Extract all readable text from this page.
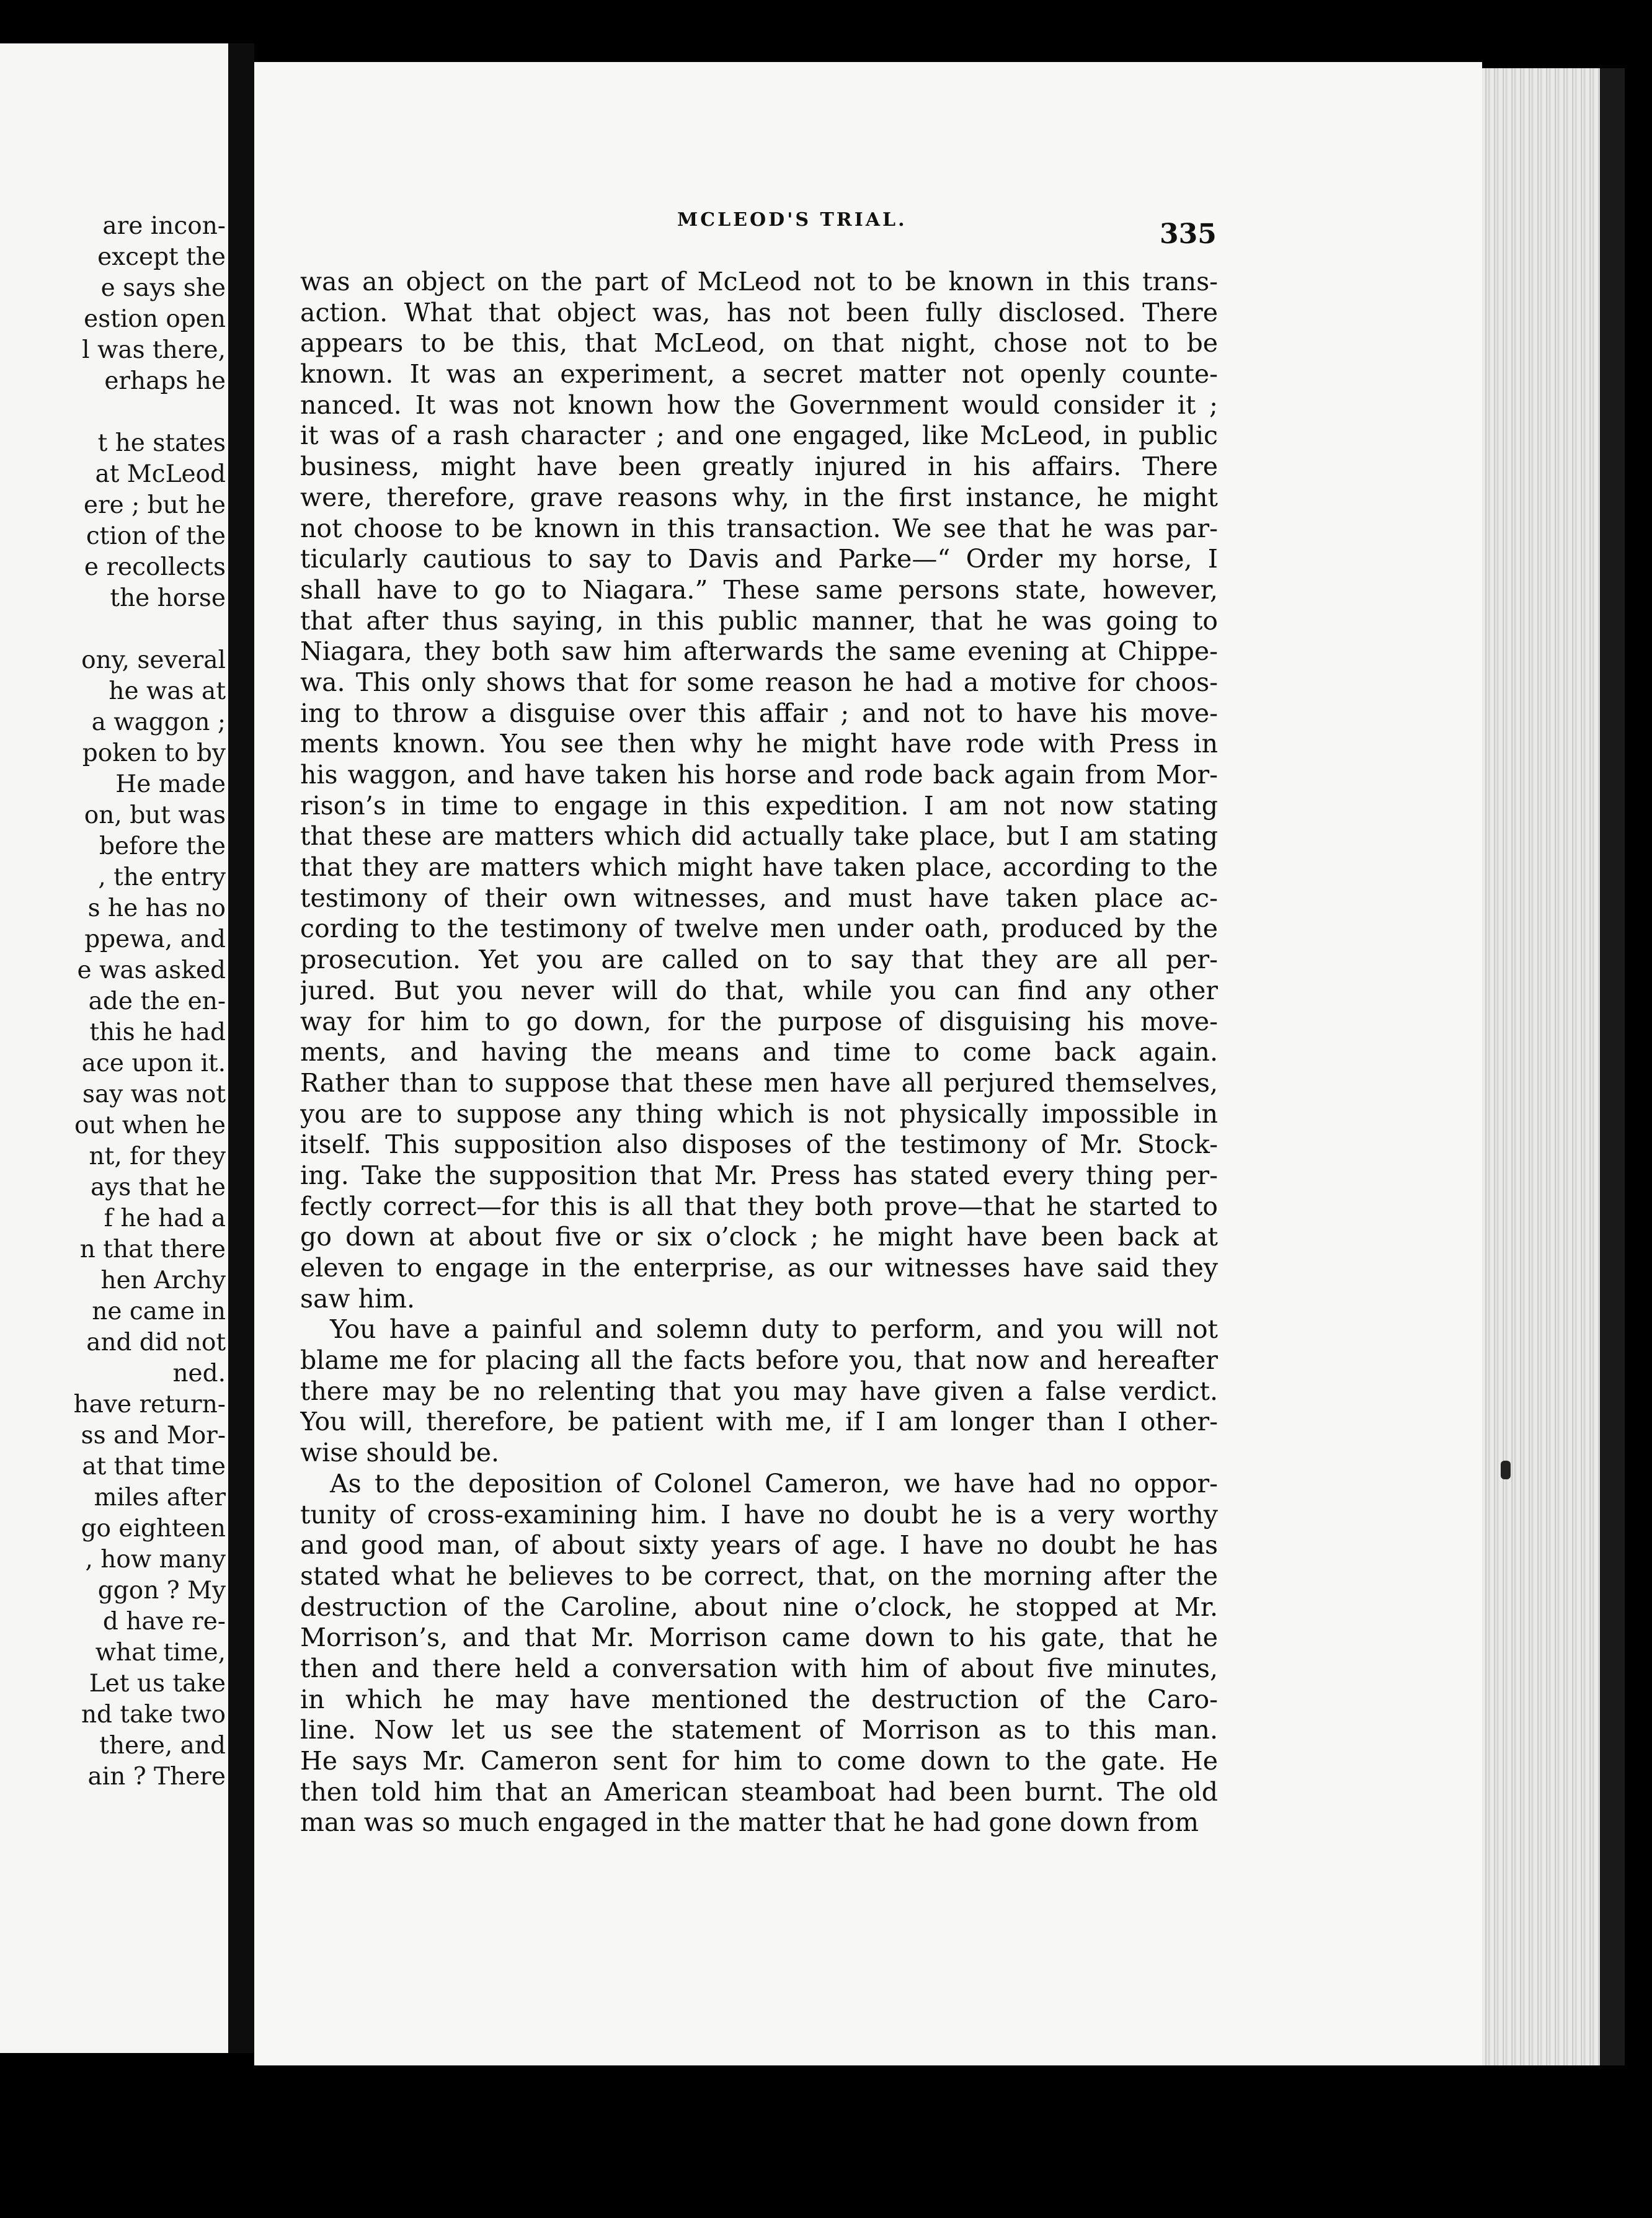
are incon-

except the

e says she

estion open

l was there,

erhaps he

t he states

at McLeod

ere ; but he

ction of the

e recollects

the horse

ony, several

he was at

a waggon ;

poken to by

He made

on, but was

before the

, the entry

s he has no

ppewa, and

e was asked

ade the en-

this he had

ace upon it.

say was not

out when he

nt, for they

ays that he

f he had a

n that there

hen Archy

ne came in

and did not

ned.

have return-

ss and Mor-

at that time

miles after

go eighteen

, how many

ggon ? My

d have re-

what time,

Let us take

nd take two

there, and

ain ? There

MCLEOD'S TRIAL.	335

was an object on the part of McLeod not to be known in this trans-

action. What that object was, has not been fully disclosed. There

appears to be this, that McLeod, on that night, chose not to be

known. It was an experiment, a secret matter not openly counte-

nanced. It was not known how the Government would consider it ;

it was of a rash character ; and one engaged, like McLeod, in public

business, might have been greatly injured in his affairs. There

were, therefore, grave reasons why, in the first instance, he might

not choose to be known in this transaction. We see that he was par-

ticularly cautious to say to Davis and Parke—“ Order my horse, I

shall have to go to Niagara.” These same persons state, however,

that after thus saying, in this public manner, that he was going to

Niagara, they both saw him afterwards the same evening at Chippe-

wa. This only shows that for some reason he had a motive for choos-

ing to throw a disguise over this affair ; and not to have his move-

ments known. You see then why he might have rode with Press in

his waggon, and have taken his horse and rode back again from Mor-

rison’s in time to engage in this expedition. I am not now stating

that these are matters which did actually take place, but I am stating

that they are matters which might have taken place, according to the

testimony of their own witnesses, and must have taken place ac-

cording to the testimony of twelve men under oath, produced by the

prosecution. Yet you are called on to say that they are all per-

jured. But you never will do that, while you can find any other

way for him to go down, for the purpose of disguising his move-

ments, and having the means and time to come back again.

Rather than to suppose that these men have all perjured themselves,

you are to suppose any thing which is not physically impossible in

itself. This supposition also disposes of the testimony of Mr. Stock-

ing. Take the supposition that Mr. Press has stated every thing per-

fectly correct—for this is all that they both prove—that he started to

go down at about five or six o’clock ; he might have been back at

eleven to engage in the enterprise, as our witnesses have said they

saw him.

You have a painful and solemn duty to perform, and you will not

blame me for placing all the facts before you, that now and hereafter

there may be no relenting that you may have given a false verdict.

You will, therefore, be patient with me, if I am longer than I other-

wise should be.

As to the deposition of Colonel Cameron, we have had no oppor-

tunity of cross-examining him. I have no doubt he is a very worthy

and good man, of about sixty years of age. I have no doubt he has

stated what he believes to be correct, that, on the morning after the

destruction of the Caroline, about nine o’clock, he stopped at Mr.

Morrison’s, and that Mr. Morrison came down to his gate, that he

then and there held a conversation with him of about five minutes,

in which he may have mentioned the destruction of the Caro-

line. Now let us see the statement of Morrison as to this man.

He says Mr. Cameron sent for him to come down to the gate. He

then told him that an American steamboat had been burnt. The old

man was so much engaged in the matter that he had gone down from
